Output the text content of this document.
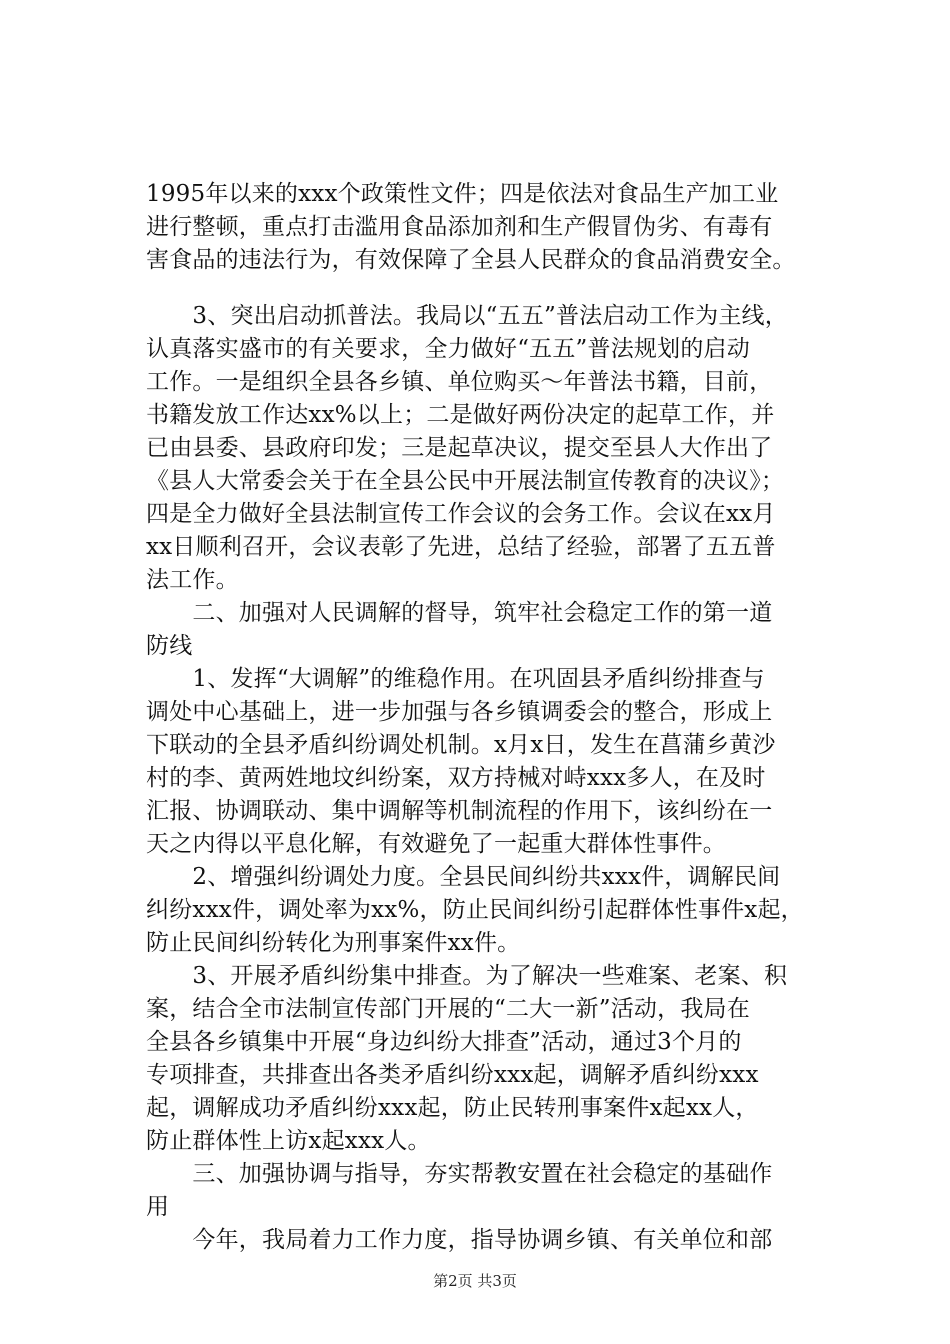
1995年以来的xxx个政策性文件；四是依法对食品生产加工业
进行整顿，重点打击滥用食品添加剂和生产假冒伪劣、有毒有
害食品的违法行为，有效保障了全县人民群众的食品消费安全。
　　3、突出启动抓普法。我局以“五五”普法启动工作为主线，
认真落实盛市的有关要求，全力做好“五五”普法规划的启动
工作。一是组织全县各乡镇、单位购买～年普法书籍，目前，
书籍发放工作达xx%以上；二是做好两份决定的起草工作，并
已由县委、县政府印发；三是起草决议，提交至县人大作出了
《县人大常委会关于在全县公民中开展法制宣传教育的决议》；
四是全力做好全县法制宣传工作会议的会务工作。会议在xx月
xx日顺利召开，会议表彰了先进，总结了经验，部署了五五普
法工作。
　　二、加强对人民调解的督导，筑牢社会稳定工作的第一道
防线
　　1、发挥“大调解”的维稳作用。在巩固县矛盾纠纷排查与
调处中心基础上，进一步加强与各乡镇调委会的整合，形成上
下联动的全县矛盾纠纷调处机制。x月x日，发生在菖蒲乡黄沙
村的李、黄两姓地坟纠纷案，双方持械对峙xxx多人，在及时
汇报、协调联动、集中调解等机制流程的作用下，该纠纷在一
天之内得以平息化解，有效避免了一起重大群体性事件。
　　2、增强纠纷调处力度。全县民间纠纷共xxx件，调解民间
纠纷xxx件，调处率为xx%，防止民间纠纷引起群体性事件x起，
防止民间纠纷转化为刑事案件xx件。
　　3、开展矛盾纠纷集中排查。为了解决一些难案、老案、积
案，结合全市法制宣传部门开展的“二大一新”活动，我局在
全县各乡镇集中开展“身边纠纷大排查”活动，通过3个月的
专项排查，共排查出各类矛盾纠纷xxx起，调解矛盾纠纷xxx
起，调解成功矛盾纠纷xxx起，防止民转刑事案件x起xx人，
防止群体性上访x起xxx人。
　　三、加强协调与指导，夯实帮教安置在社会稳定的基础作
用
　　今年，我局着力工作力度，指导协调乡镇、有关单位和部
第2页 共3页
